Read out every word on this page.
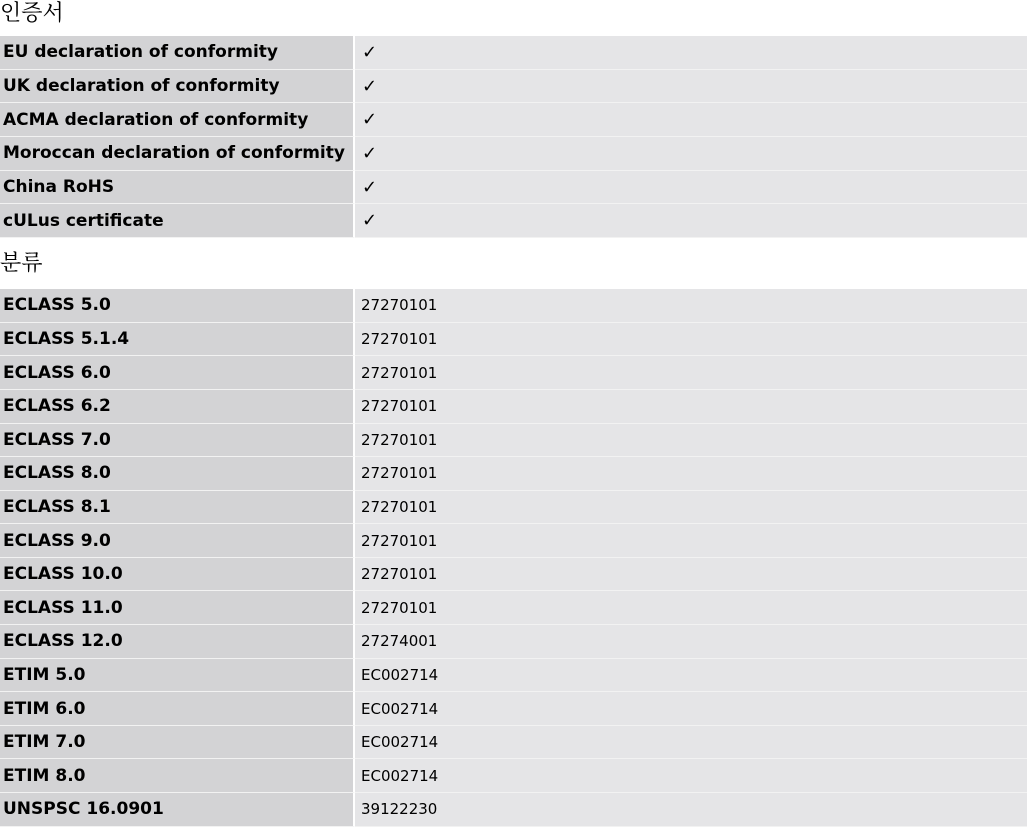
인증서
EU declaration of conformity	✓
UK declaration of conformity	✓
ACMA declaration of conformity	✓
Moroccan declaration of conformity	✓
China RoHS	✓
cULus certificate	✓
분류
ECLASS 5.0	27270101
ECLASS 5.1.4	27270101
ECLASS 6.0	27270101
ECLASS 6.2	27270101
ECLASS 7.0	27270101
ECLASS 8.0	27270101
ECLASS 8.1	27270101
ECLASS 9.0	27270101
ECLASS 10.0	27270101
ECLASS 11.0	27270101
ECLASS 12.0	27274001
ETIM 5.0	EC002714
ETIM 6.0	EC002714
ETIM 7.0	EC002714
ETIM 8.0	EC002714
UNSPSC 16.0901	39122230
